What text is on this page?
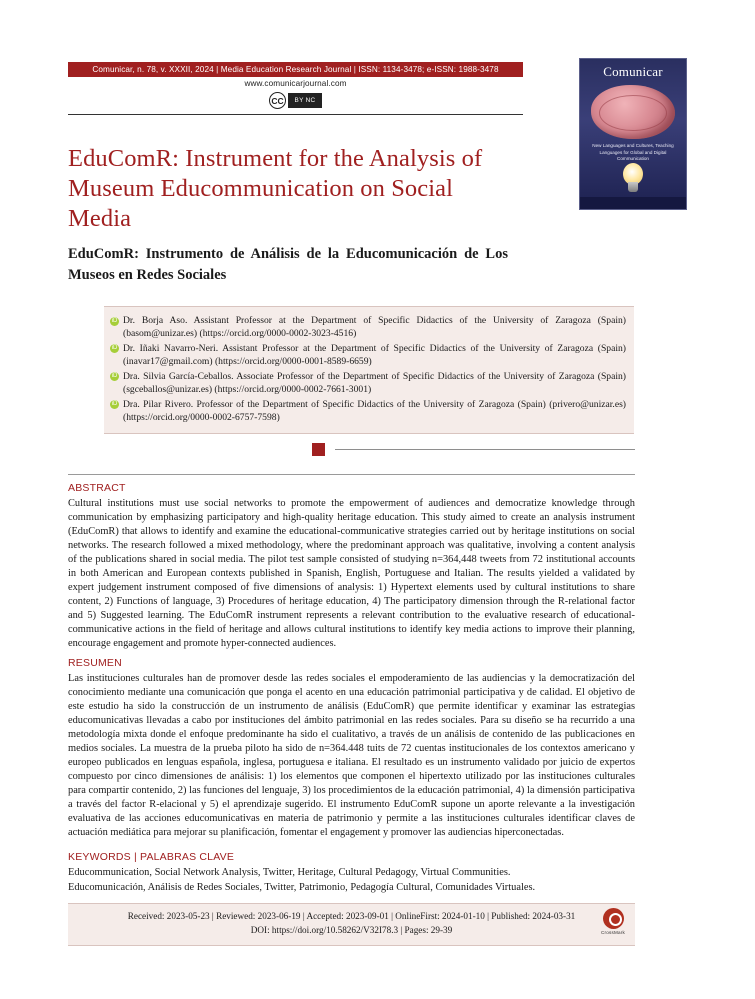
Comunicar, n. 78, v. XXXII, 2024 | Media Education Research Journal | ISSN: 1134-3478; e-ISSN: 1988-3478
www.comunicarjournal.com
CC	BY NC
Comunicar
New Languages and Cultures, Teaching Languages for Global and Digital Communication
EduComR: Instrument for the Analysis of Museum Educommunication on Social Media
EduComR: Instrumento de Análisis de la Educomunicación de Los Museos en Redes Sociales
iD Dr. Borja Aso. Assistant Professor at the Department of Specific Didactics of the University of Zaragoza (Spain) (basom@unizar.es) (https://orcid.org/0000-0002-3023-4516)
iD Dr. Iñaki Navarro-Neri. Assistant Professor at the Department of Specific Didactics of the University of Zaragoza (Spain) (inavar17@gmail.com) (https://orcid.org/0000-0001-8589-6659)
iD Dra. Silvia García-Ceballos. Associate Professor of the Department of Specific Didactics of the University of Zaragoza (Spain) (sgceballos@unizar.es) (https://orcid.org/0000-0002-7661-3001)
iD Dra. Pilar Rivero. Professor of the Department of Specific Didactics of the University of Zaragoza (Spain) (privero@unizar.es) (https://orcid.org/0000-0002-6757-7598)
ABSTRACT
Cultural institutions must use social networks to promote the empowerment of audiences and democratize knowledge through communication by emphasizing participatory and high-quality heritage education. This study aimed to create an analysis instrument (EduComR) that allows to identify and examine the educational-communicative strategies carried out by heritage institutions on social networks. The research followed a mixed methodology, where the predominant approach was qualitative, involving a content analysis of the publications shared in social media. The pilot test sample consisted of studying n=364,448 tweets from 72 institutional accounts in both American and European contexts published in Spanish, English, Portuguese and Italian. The results yielded a validated by expert judgement instrument composed of five dimensions of analysis: 1) Hypertext elements used by cultural institutions to share content, 2) Functions of language, 3) Procedures of heritage education, 4) The participatory dimension through the R-relational factor and 5) Suggested learning. The EduComR instrument represents a relevant contribution to the evaluative research of educational-communicative actions in the field of heritage and allows cultural institutions to identify key media actions to improve their planning, encourage engagement and promote hyper-connected audiences.
RESUMEN
Las instituciones culturales han de promover desde las redes sociales el empoderamiento de las audiencias y la democratización del conocimiento mediante una comunicación que ponga el acento en una educación patrimonial participativa y de calidad. El objetivo de este estudio ha sido la construcción de un instrumento de análisis (EduComR) que permite identificar y examinar las estrategias educomunicativas llevadas a cabo por instituciones del ámbito patrimonial en las redes sociales. Para su diseño se ha recurrido a una metodología mixta donde el enfoque predominante ha sido el cualitativo, a través de un análisis de contenido de las publicaciones en medios sociales. La muestra de la prueba piloto ha sido de n=364.448 tuits de 72 cuentas institucionales de los contextos americano y europeo publicados en lenguas española, inglesa, portuguesa e italiana. El resultado es un instrumento validado por juicio de expertos compuesto por cinco dimensiones de análisis: 1) los elementos que componen el hipertexto utilizado por las instituciones culturales para compartir contenido, 2) las funciones del lenguaje, 3) los procedimientos de la educación patrimonial, 4) la dimensión participativa a través del factor R-elacional y 5) el aprendizaje sugerido. El instrumento EduComR supone un aporte relevante a la investigación evaluativa de las acciones educomunicativas en materia de patrimonio y permite a las instituciones culturales identificar claves de actuación mediática para mejorar su planificación, fomentar el engagement y promover las audiencias hiperconectadas.
KEYWORDS | PALABRAS CLAVE
Educommunication, Social Network Analysis, Twitter, Heritage, Cultural Pedagogy, Virtual Communities.
Educomunicación, Análisis de Redes Sociales, Twitter, Patrimonio, Pedagogía Cultural, Comunidades Virtuales.
Received: 2023-05-23 | Reviewed: 2023-06-19 | Accepted: 2023-09-01 | OnlineFirst: 2024-01-10 | Published: 2024-03-31
DOI: https://doi.org/10.58262/V32I78.3 | Pages: 29-39	CrossMark
